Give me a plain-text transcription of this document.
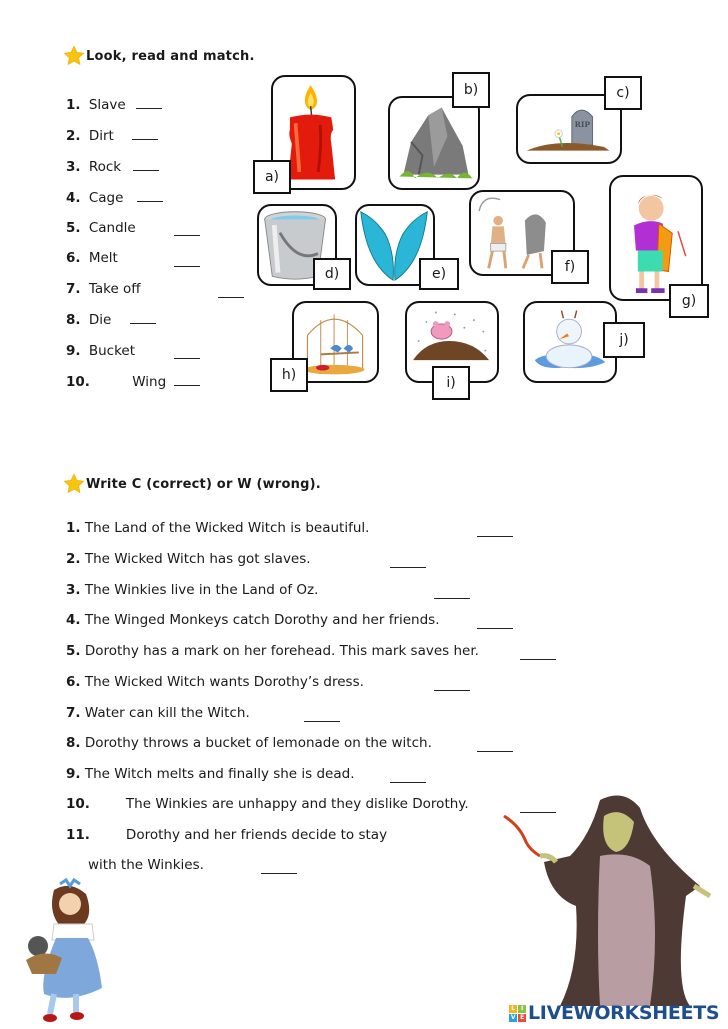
Look, read and match.
1. Slave
2. Dirt
3. Rock
4. Cage
5. Candle
6. Melt
7. Take off
8. Die
9. Bucket
10.	Wing
a)
b)
RIP
c)
d)	e)	f)
g)
h)	i)
j)
Write C (correct) or W (wrong).
1. The Land of the Wicked Witch is beautiful.
2. The Wicked Witch has got slaves.
3. The Winkies live in the Land of Oz.
4. The Winged Monkeys catch Dorothy and her friends.
5. Dorothy has a mark on her forehead. This mark saves her.
6. The Wicked Witch wants Dorothy’s dress.
7. Water can kill the Witch.
8. Dorothy throws a bucket of lemonade on the witch.
9. The Witch melts and finally she is dead.
10.	The Winkies are unhappy and they dislike Dorothy.
11.	Dorothy and her friends decide to stay
with the Winkies.
L	I
V E LIVEWORKSHEETS
